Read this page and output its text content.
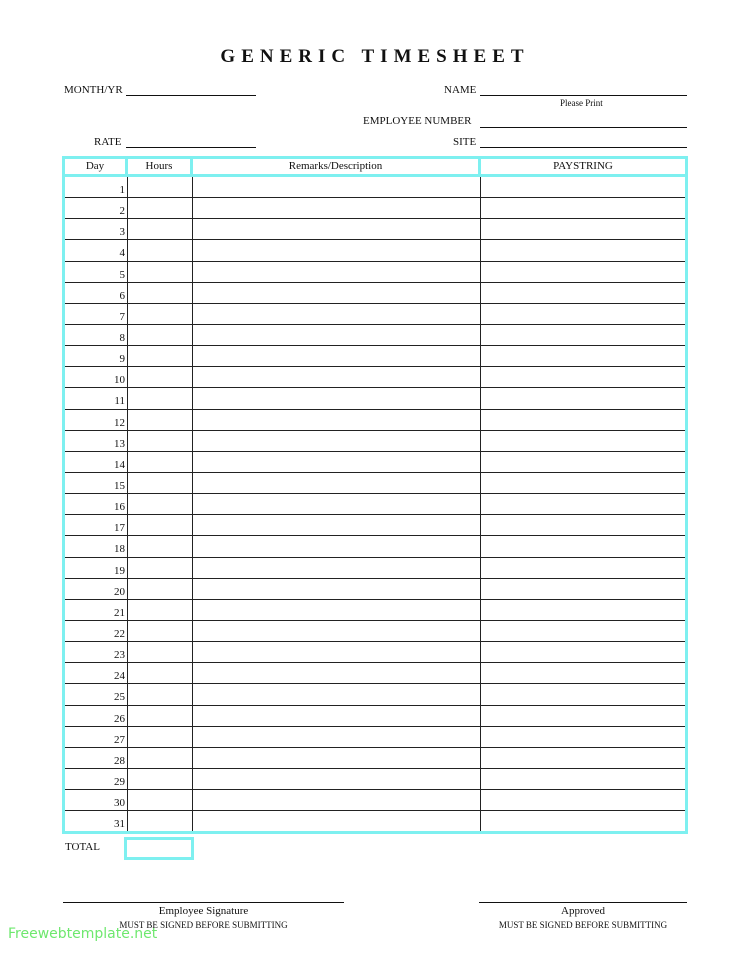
GENERIC TIMESHEET
MONTH/YR	NAME
Please Print
EMPLOYEE NUMBER
RATE	SITE
Day	Hours	Remarks/Description	PAYSTRING
1
2
3
4
5
6
7
8
9
10
11
12
13
14
15
16
17
18
19
20
21
22
23
24
25
26
27
28
29
30
31
TOTAL
Employee Signature
MUST BE SIGNED BEFORE SUBMITTING
Approved
MUST BE SIGNED BEFORE SUBMITTING
Freewebtemplate.net
